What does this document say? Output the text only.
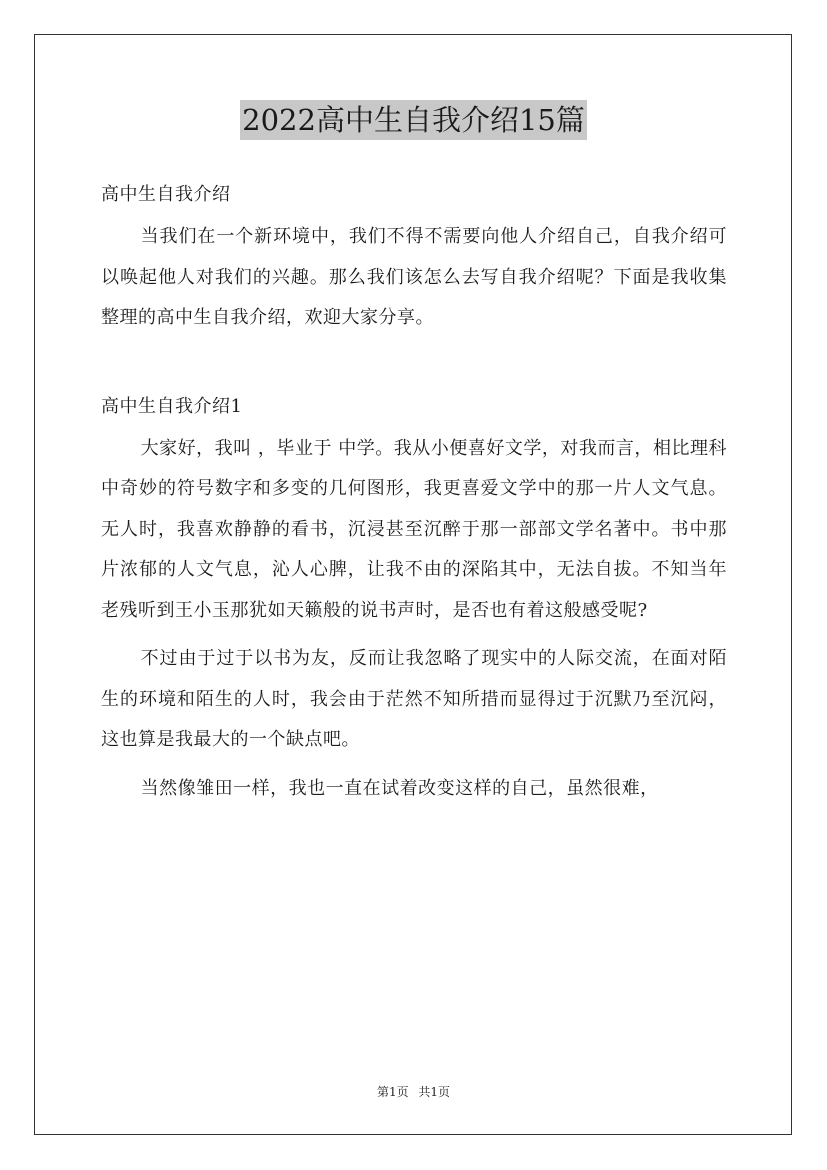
2022高中生自我介绍15篇
高中生自我介绍

当我们在一个新环境中，我们不得不需要向他人介绍自己，自我介绍可以唤起他人对我们的兴趣。那么我们该怎么去写自我介绍呢？下面是我收集整理的高中生自我介绍，欢迎大家分享。

高中生自我介绍1

大家好，我叫 ，毕业于 中学。我从小便喜好文学，对我而言，相比理科中奇妙的符号数字和多变的几何图形，我更喜爱文学中的那一片人文气息。无人时，我喜欢静静的看书，沉浸甚至沉醉于那一部部文学名著中。书中那片浓郁的人文气息，沁人心脾，让我不由的深陷其中，无法自拔。不知当年老残听到王小玉那犹如天籁般的说书声时，是否也有着这般感受呢?

不过由于过于以书为友，反而让我忽略了现实中的人际交流，在面对陌生的环境和陌生的人时，我会由于茫然不知所措而显得过于沉默乃至沉闷，这也算是我最大的一个缺点吧。

当然像雏田一样，我也一直在试着改变这样的自己，虽然很难，

第1页 共1页
